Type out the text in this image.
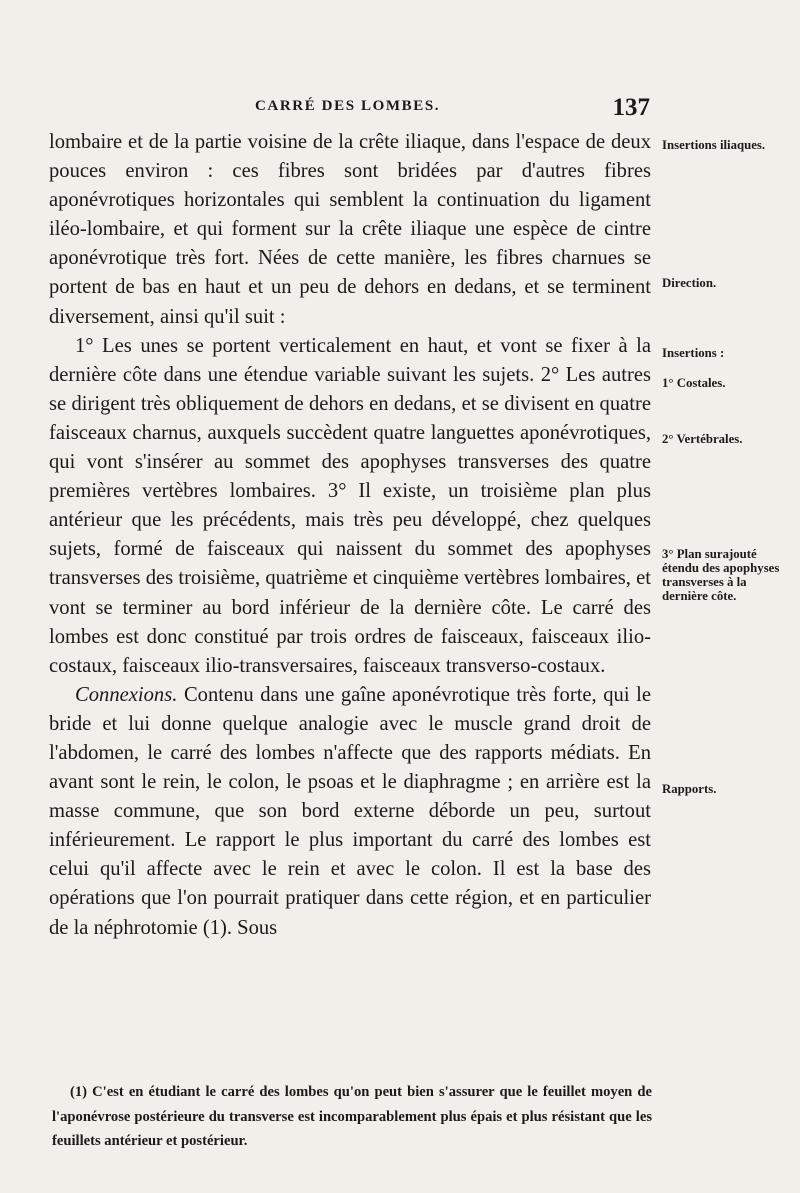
CARRÉ DES LOMBES.	137

lombaire et de la partie voisine de la crête iliaque, dans l'espace de deux pouces environ : ces fibres sont bridées par d'autres fibres aponévrotiques horizontales qui semblent la continuation du ligament iléo-lombaire, et qui forment sur la crête iliaque une espèce de cintre aponévrotique très fort. Nées de cette manière, les fibres charnues se portent de bas en haut et un peu de dehors en dedans, et se terminent diversement, ainsi qu'il suit :

1° Les unes se portent verticalement en haut, et vont se fixer à la dernière côte dans une étendue variable suivant les sujets. 2° Les autres se dirigent très obliquement de dehors en dedans, et se divisent en quatre faisceaux charnus, auxquels succèdent quatre languettes aponévrotiques, qui vont s'insérer au sommet des apophyses transverses des quatre premières vertèbres lombaires. 3° Il existe, un troisième plan plus antérieur que les précédents, mais très peu développé, chez quelques sujets, formé de faisceaux qui naissent du sommet des apophyses transverses des troisième, quatrième et cinquième vertèbres lombaires, et vont se terminer au bord inférieur de la dernière côte. Le carré des lombes est donc constitué par trois ordres de faisceaux, faisceaux ilio-costaux, faisceaux ilio-transversaires, faisceaux transverso-costaux.

Connexions. Contenu dans une gaîne aponévrotique très forte, qui le bride et lui donne quelque analogie avec le muscle grand droit de l'abdomen, le carré des lombes n'affecte que des rapports médiats. En avant sont le rein, le colon, le psoas et le diaphragme ; en arrière est la masse commune, que son bord externe déborde un peu, surtout inférieurement. Le rapport le plus important du carré des lombes est celui qu'il affecte avec le rein et avec le colon. Il est la base des opérations que l'on pourrait pratiquer dans cette région, et en particulier de la néphrotomie (1). Sous

(1) C'est en étudiant le carré des lombes qu'on peut bien s'assurer que le feuillet moyen de l'aponévrose postérieure du transverse est incomparablement plus épais et plus résistant que les feuillets antérieur et postérieur.

Insertions iliaques.
Direction.
Insertions :
1° Costales.
2° Vertébrales.
3° Plan surajouté étendu des apophyses transverses à la dernière côte.
Rapports.
